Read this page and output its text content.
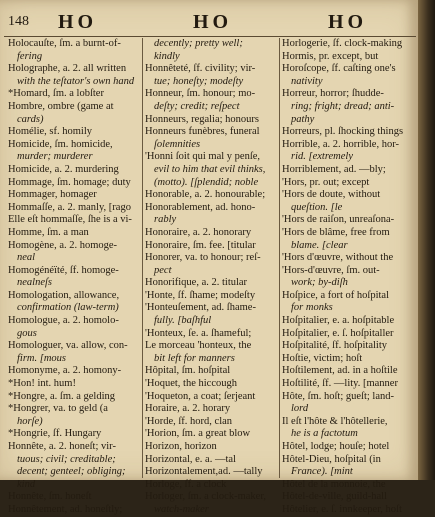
148 HO	HO	HO
Holocauſte, ſm. a burnt-of-
fering
Holographe, a. 2. all written
with the teſtator's own hand
*Homard, ſm. a lobſter
Hombre, ombre (game at
cards)
Homélie, sf. homily
Homicide, ſm. homicide,
murder; murderer
Homicide, a. 2. murdering
Hommage, ſm. homage; duty
Hommager, homager
Hommaſſe, a. 2. manly, [rago
Elle eſt hommaſſe, ſhe is a vi-
Homme, ſm. a man
Homogène, a. 2. homoge-
neal
Homogénéïté, ſf. homoge-
nealneſs
Homologation, allowance,
confirmation (law-term)
Homologue, a. 2. homolo-
gous
Homologuer, va. allow, con-
firm. [mous
Homonyme, a. 2. homony-
*Hon! int. hum!
*Hongre, a. ſm. a gelding
*Hongrer, va. to geld (a
horſe)
*Hongrie, ſf. Hungary
Honnête, a. 2. honeſt; vir-
tuous; civil; creditable;
decent; genteel; obliging;
kind
Honnête, ſm. honeſt
Honnêtement, ad. honeſtly;
decently; pretty well;
kindly
Honnêteté, ſf. civility; vir-
tue; honeſty; modeſty
Honneur, ſm. honour; mo-
deſty; credit; reſpect
Honneurs, regalia; honours
Honneurs funèbres, funeral
ſolemnities
'Honni ſoit qui mal y penſe,
evil to him that evil thinks,
(motto). [ſplendid; noble
Honorable, a. 2. honourable;
Honorablement, ad. hono-
rably
Honoraire, a. 2. honorary
Honoraire, ſm. fee. [titular
Honorer, va. to honour; reſ-
pect
Honorifique, a. 2. titular
'Honte, ſf. ſhame; modeſty
'Honteuſement, ad. ſhame-
fully. [baſhful
'Honteux, ſe. a. ſhameful;
Le morceau 'honteux, the
bit left for manners
Hôpital, ſm. hoſpital
'Hoquet, the hiccough
'Hoqueton, a coat; ſerjeant
Horaire, a. 2. horary
'Horde, ſf. hord, clan
'Horion, ſm. a great blow
Horizon, horizon
Horizontal, e. a. —tal
Horizontalement,ad. —tally
Horloge, ſf. a clock
Horloger, ſm. a clock-maker,
watch-maker
Horlogerie, ſf. clock-making
Hormis, pr. except, but
Horoſcope, ſf. caſting one's
nativity
Horreur, horror; ſhudde-
ring; fright; dread; anti-
pathy
Horreurs, pl. ſhocking things
Horrible, a. 2. horrible, hor-
rid. [extremely
Horriblement, ad. —bly;
'Hors, pr. out; except
'Hors de doute, without
queſtion. [le
'Hors de raiſon, unreaſona-
'Hors de blâme, free from
blame. [clear
'Hors d'œuvre, without the
'Hors-d'œuvre, ſm. out-
work; by-diſh
Hoſpice, a fort of hoſpital
for monks
Hoſpitalier, e. a. hoſpitable
Hoſpitalier, e. ſ. hoſpitaller
Hoſpitalité, ſf. hoſpitality
Hoſtie, victim; hoſt
Hoſtilement, ad. in a hoſtile
Hoſtilité, ſf. —lity. [manner
Hôte, ſm. hoſt; gueſt; land-
lord
Il eſt l'hôte & l'hôtellerie,
he is a factotum
Hôtel, lodge; houſe; hotel
Hôtel-Dieu, hoſpital (in
France). [mint
Hôtel de la monnoie, the
Hôtel-de-ville, guild-hall
Hôtelier, e. ſ. innkeeper, hoſt
